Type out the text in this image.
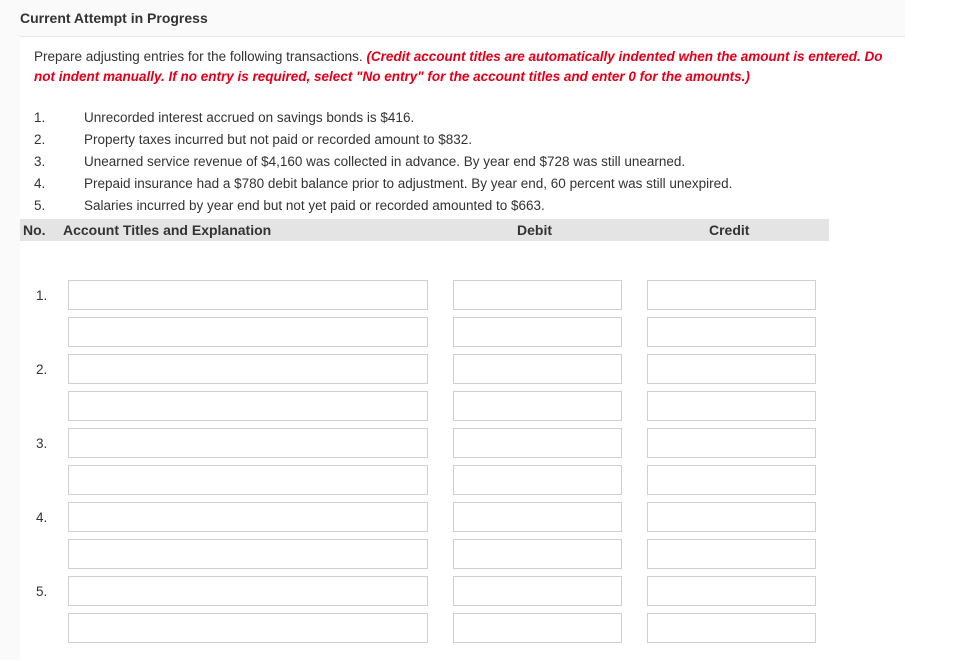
Current Attempt in Progress
Prepare adjusting entries for the following transactions. (Credit account titles are automatically indented when the amount is entered. Do not indent manually. If no entry is required, select "No entry" for the account titles and enter 0 for the amounts.)
1.	Unrecorded interest accrued on savings bonds is $416.
2.	Property taxes incurred but not paid or recorded amount to $832.
3.	Unearned service revenue of $4,160 was collected in advance. By year end $728 was still unearned.
4.	Prepaid insurance had a $780 debit balance prior to adjustment. By year end, 60 percent was still unexpired.
5.	Salaries incurred by year end but not yet paid or recorded amounted to $663.
No. Account Titles and Explanation	Debit	Credit
1.
2.
3.
4.
5.
